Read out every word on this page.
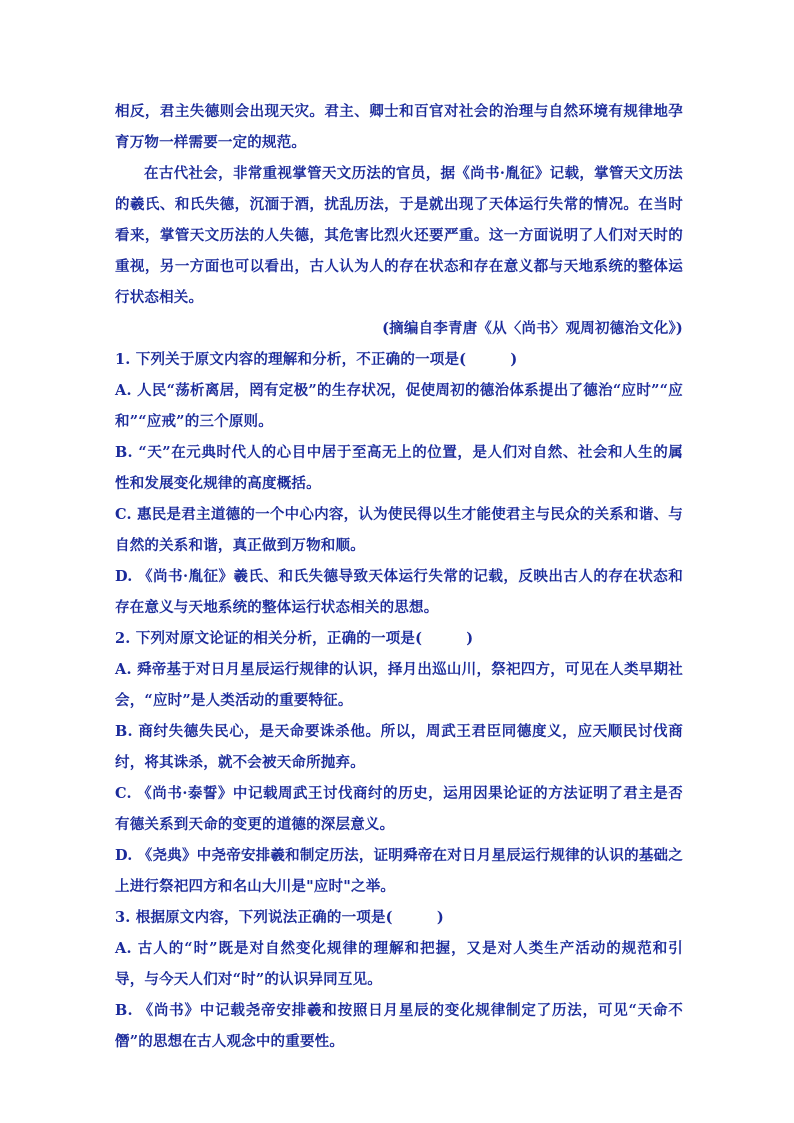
相反，君主失德则会出现天灾。君主、卿士和百官对社会的治理与自然环境有规律地孕育万物一样需要一定的规范。

在古代社会，非常重视掌管天文历法的官员，据《尚书·胤征》记载，掌管天文历法的羲氏、和氏失德，沉湎于酒，扰乱历法，于是就出现了天体运行失常的情况。在当时看来，掌管天文历法的人失德，其危害比烈火还要严重。这一方面说明了人们对天时的重视，另一方面也可以看出，古人认为人的存在状态和存在意义都与天地系统的整体运行状态相关。

(摘编自李青唐《从〈尚书〉观周初德治文化》)

1. 下列关于原文内容的理解和分析，不正确的一项是(　　　)

A. 人民“荡析离居，罔有定极”的生存状况，促使周初的德治体系提出了德治“应时”“应和”“应戒”的三个原则。

B. “天”在元典时代人的心目中居于至高无上的位置，是人们对自然、社会和人生的属性和发展变化规律的高度概括。

C. 惠民是君主道德的一个中心内容，认为使民得以生才能使君主与民众的关系和谐、与自然的关系和谐，真正做到万物和顺。

D. 《尚书·胤征》羲氏、和氏失德导致天体运行失常的记载，反映出古人的存在状态和存在意义与天地系统的整体运行状态相关的思想。

2. 下列对原文论证的相关分析，正确的一项是(　　　)

A. 舜帝基于对日月星辰运行规律的认识，择月出巡山川，祭祀四方，可见在人类早期社会，“应时”是人类活动的重要特征。

B. 商纣失德失民心，是天命要诛杀他。所以，周武王君臣同德度义，应天顺民讨伐商纣，将其诛杀，就不会被天命所抛弃。

C. 《尚书·泰誓》中记载周武王讨伐商纣的历史，运用因果论证的方法证明了君主是否有德关系到天命的变更的道德的深层意义。

D. 《尧典》中尧帝安排羲和制定历法，证明舜帝在对日月星辰运行规律的认识的基础之上进行祭祀四方和名山大川是"应时"之举。

3. 根据原文内容，下列说法正确的一项是(　　　)

A. 古人的“时”既是对自然变化规律的理解和把握，又是对人类生产活动的规范和引导，与今天人们对“时”的认识异同互见。

B. 《尚书》中记载尧帝安排羲和按照日月星辰的变化规律制定了历法，可见“天命不僭”的思想在古人观念中的重要性。
